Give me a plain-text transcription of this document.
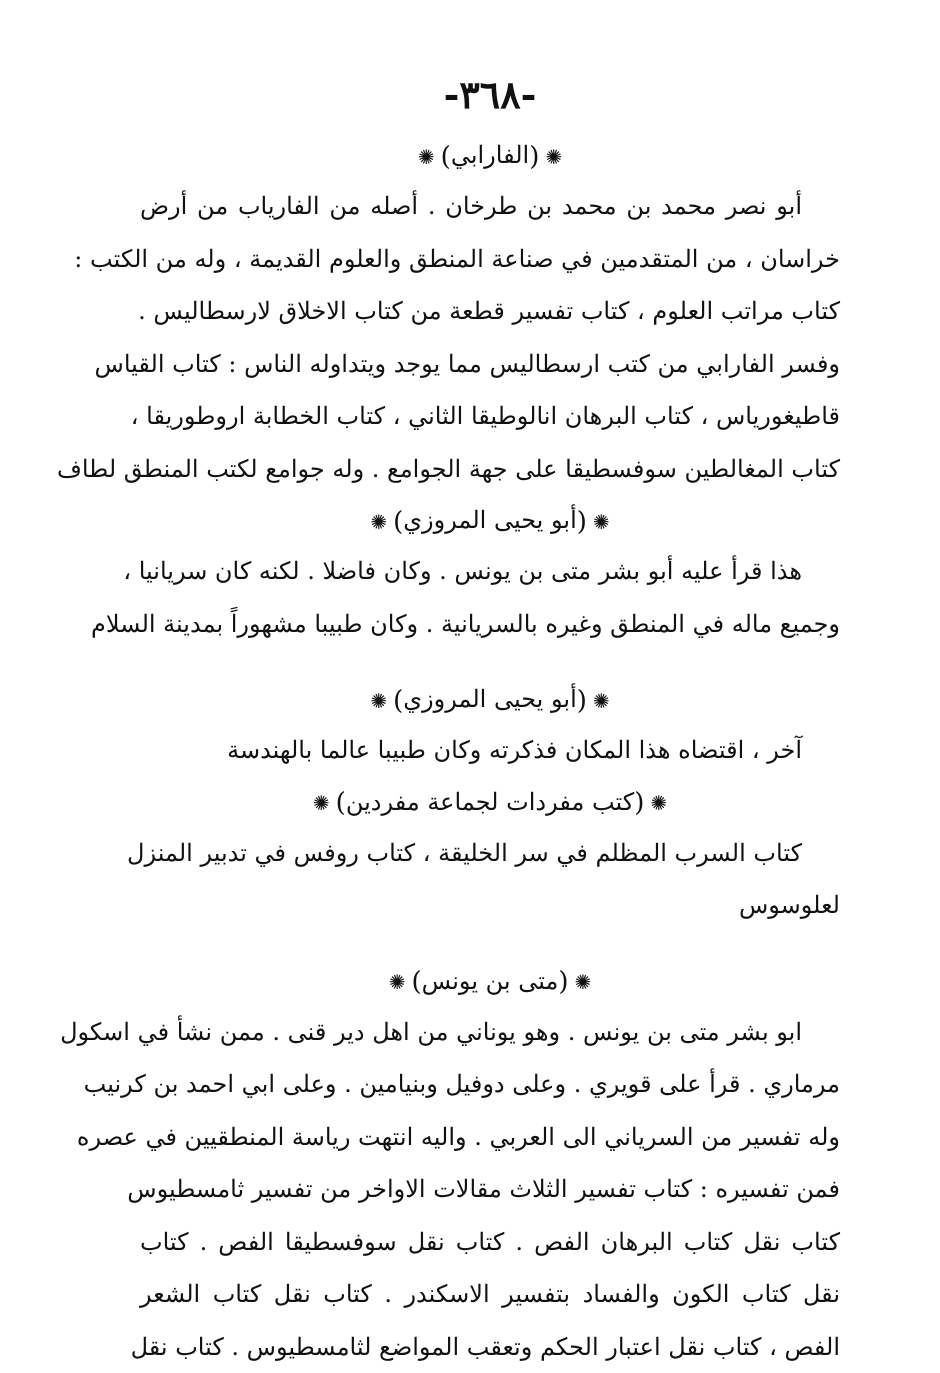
-٣٦٨-
✺(الفارابي)✺
أبو نصر محمد بن محمد بن طرخان . أصله من الفارياب من أرض
خراسان ، من المتقدمين في صناعة المنطق والعلوم القديمة ، وله من الكتب :
كتاب مراتب العلوم ، كتاب تفسير قطعة من كتاب الاخلاق لارسطاليس .
وفسر الفارابي من كتب ارسطاليس مما يوجد ويتداوله الناس : كتاب القياس
قاطيغورياس ، كتاب البرهان انالوطيقا الثاني ، كتاب الخطابة اروطوريقا ،
كتاب المغالطين سوفسطيقا على جهة الجوامع . وله جوامع لكتب المنطق لطاف
✺(أبو يحيى المروزي)✺
هذا قرأ عليه أبو بشر متى بن يونس . وكان فاضلا . لكنه كان سريانيا ،
وجميع ماله في المنطق وغيره بالسريانية . وكان طبيبا مشهوراً بمدينة السلام
✺(أبو يحيى المروزي)✺
آخر ، اقتضاه هذا المكان فذكرته وكان طبيبا عالما بالهندسة
✺(كتب مفردات لجماعة مفردين)✺
كتاب السرب المظلم في سر الخليقة ، كتاب روفس في تدبير المنزل
لعلوسوس
✺(متى بن يونس)✺
ابو بشر متى بن يونس . وهو يوناني من اهل دير قنى . ممن نشأ في اسكول
مرماري . قرأ على قويري . وعلى دوفيل وبنيامين . وعلى ابي احمد بن كرنيب
وله تفسير من السرياني الى العربي . واليه انتهت رياسة المنطقيين في عصره
فمن تفسيره : كتاب تفسير الثلاث مقالات الاواخر من تفسير ثامسطيوس
كتاب نقل كتاب البرهان الفص . كتاب نقل سوفسطيقا الفص . كتاب
نقل كتاب الكون والفساد بتفسير الاسكندر . كتاب نقل كتاب الشعر
الفص ، كتاب نقل اعتبار الحكم وتعقب المواضع لثامسطيوس . كتاب نقل
